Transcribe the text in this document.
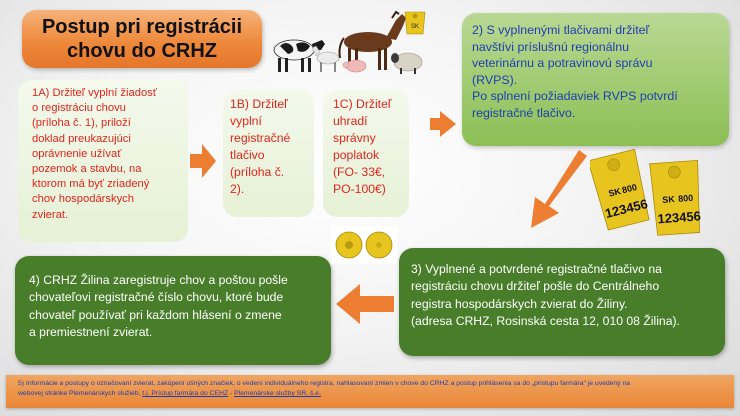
Postup pri registrácii
chovu do CRHZ
SK
1A) Držiteľ vyplní žiadosť
o registráciu chovu
(príloha č. 1), priloží
doklad preukazujúci
oprávnenie užívať
pozemok a stavbu, na
ktorom má byť zriadený
chov hospodárskych
zvierat.
1B) Držiteľ
vyplní
registračné
tlačivo
(príloha č.
2).
1C) Držiteľ
uhradí
správny
poplatok
(FO- 33€,
PO-100€)
2) S vyplnenými tlačivami držiteľ
navštívi príslušnú regionálnu
veterinárnu a potravinovú správu
(RVPS).
Po splnení požiadaviek RVPS potvrdí
registračné tlačivo.
3) Vyplnené a potvrdené registračné tlačivo na
registráciu chovu držiteľ pošle do Centrálneho
registra hospodárskych zvierat do Žiliny.
(adresa CRHZ, Rosinská cesta 12, 010 08 Žilina).
4) CRHZ Žilina zaregistruje chov a poštou pošle
chovateľovi registračné číslo chovu, ktoré bude
chovateľ používať pri každom hlásení o zmene
a premiestnení zvierat.
SK 800
123456 SK 800
123456
5) Informácie a postupy o označovaní zvierat, zakúpení ušných značiek, o vedení individuálneho registra, nahlasovaní zmien v chove do CRHZ a postup prihlásenia sa do „pristupu farmára“ je uvedený na
webovej stránke Plemenárskych služieb, t.j. Prístup farmára do CEHZ - Plemenárske služby SR, š.e.
